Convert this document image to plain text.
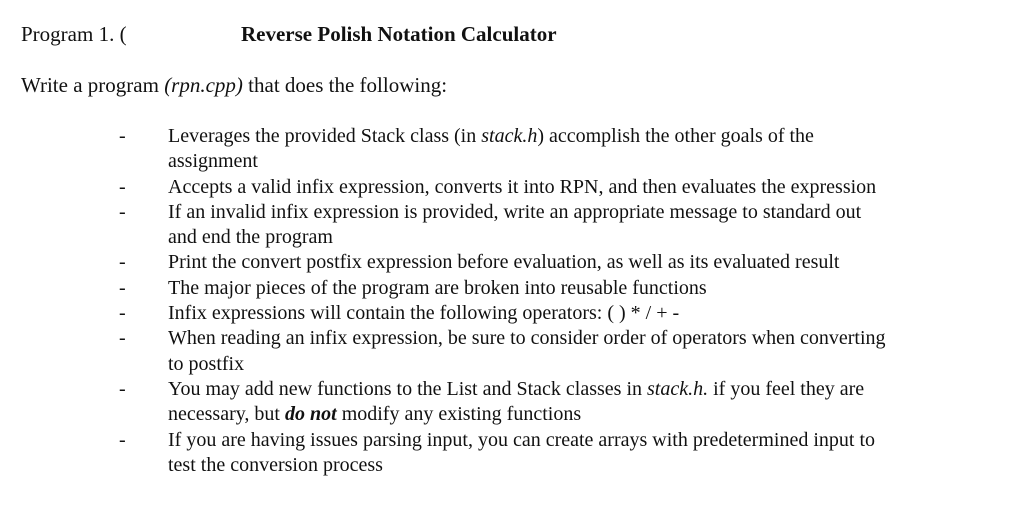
Program 1. (	Reverse Polish Notation Calculator
Write a program (rpn.cpp) that does the following:
- Leverages the provided Stack class (in stack.h) accomplish the other goals of the
assignment
- Accepts a valid infix expression, converts it into RPN, and then evaluates the expression
- If an invalid infix expression is provided, write an appropriate message to standard out
and end the program
- Print the convert postfix expression before evaluation, as well as its evaluated result
- The major pieces of the program are broken into reusable functions
- Infix expressions will contain the following operators: ( ) * / + -
- When reading an infix expression, be sure to consider order of operators when converting
to postfix
- You may add new functions to the List and Stack classes in stack.h. if you feel they are
necessary, but do not modify any existing functions
- If you are having issues parsing input, you can create arrays with predetermined input to
test the conversion process
